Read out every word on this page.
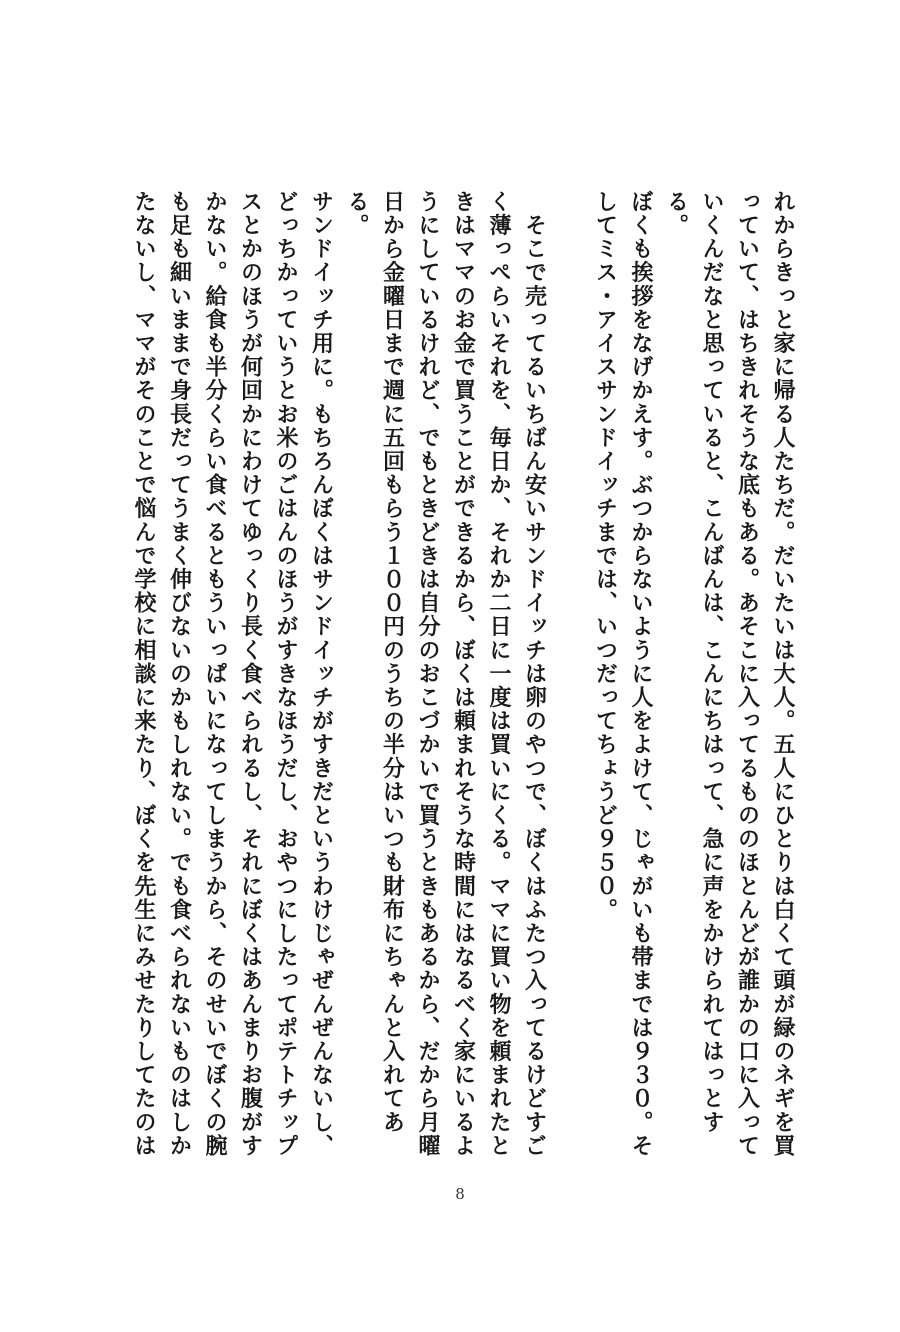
れからきっと家に帰る人たちだ。だいたいは大人。五人にひとりは白くて頭が緑のネギを買
っていて、はちきれそうな底もある。あそこに入ってるもののほとんどが誰かの口に入って
いくんだなと思っていると、こんばんは、こんにちはって、急に声をかけられてはっとする。
ぼくも挨拶をなげかえす。ぶつからないように人をよけて、じゃがいも帯までは９３０。そ
してミス・アイスサンドイッチまでは、いつだってちょうど９５０。

　そこで売ってるいちばん安いサンドイッチは卵のやつで、ぼくはふたつ入ってるけどすご
く薄っぺらいそれを、毎日か、それか二日に一度は買いにくる。ママに買い物を頼まれたと
きはママのお金で買うことができるから、ぼくは頼まれそうな時間にはなるべく家にいるよ
うにしているけれど、でもときどきは自分のおこづかいで買うときもあるから、だから月曜
日から金曜日まで週に五回もらう１００円のうちの半分はいつも財布にちゃんと入れてある。
サンドイッチ用に。もちろんぼくはサンドイッチがすきだというわけじゃぜんぜんないし、
どっちかっていうとお米のごはんのほうがすきなほうだし、おやつにしたってポテトチップ
スとかのほうが何回かにわけてゆっくり長く食べられるし、それにぼくはあんまりお腹がす
かない。給食も半分くらい食べるともういっぱいになってしまうから、そのせいでぼくの腕
も足も細いままで身長だってうまく伸びないのかもしれない。でも食べられないものはしか
たないし、ママがそのことで悩んで学校に相談に来たり、ぼくを先生にみせたりしてたのは

8
